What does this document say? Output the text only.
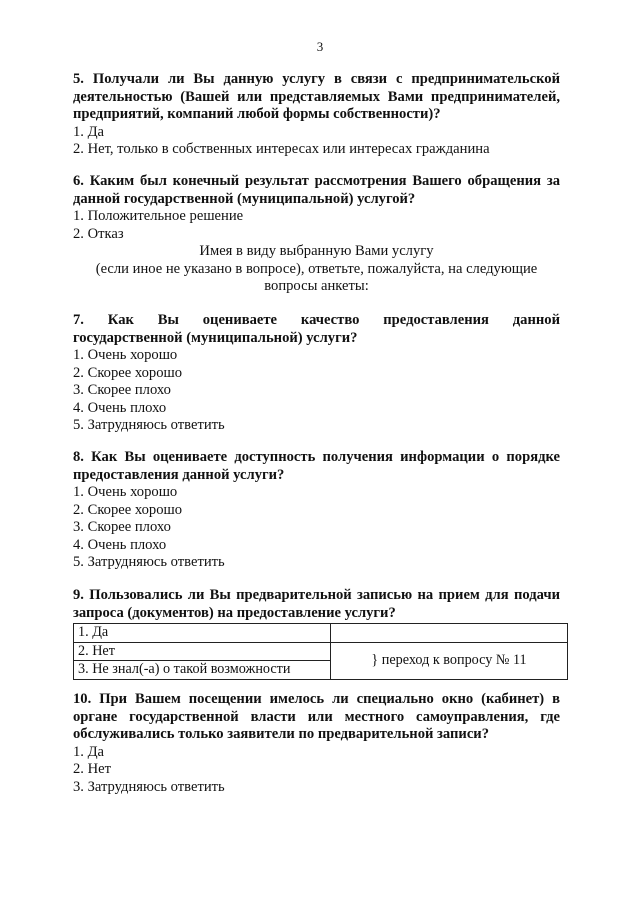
3

5. Получали ли Вы данную услугу в связи с предпринимательской деятельностью (Вашей или представляемых Вами предпринимателей, предприятий, компаний любой формы собственности)?

1. Да

2. Нет, только в собственных интересах или интересах гражданина

6. Каким был конечный результат рассмотрения Вашего обращения за данной государственной (муниципальной) услугой?

1. Положительное решение

2. Отказ

Имея в виду выбранную Вами услугу

(если иное не указано в вопросе), ответьте, пожалуйста, на следующие

вопросы анкеты:

7.    Как    Вы    оцениваете    качество    предоставления    данной

государственной (муниципальной) услуги?

1. Очень хорошо

2. Скорее хорошо

3. Скорее плохо

4. Очень плохо

5. Затрудняюсь ответить

8. Как Вы оцениваете доступность получения информации о порядке предоставления данной услуги?

1. Очень хорошо

2. Скорее хорошо

3. Скорее плохо

4. Очень плохо

5. Затрудняюсь ответить

9. Пользовались ли Вы предварительной записью на прием для подачи запроса (документов) на предоставление услуги?

1. Да	
2. Нет	} переход к вопросу № 11
3. Не знал(-а) о такой возможности	

10. При Вашем посещении имелось ли специально окно (кабинет) в органе государственной власти или местного самоуправления, где обслуживались только заявители по предварительной записи?

1. Да

2. Нет

3. Затрудняюсь ответить
